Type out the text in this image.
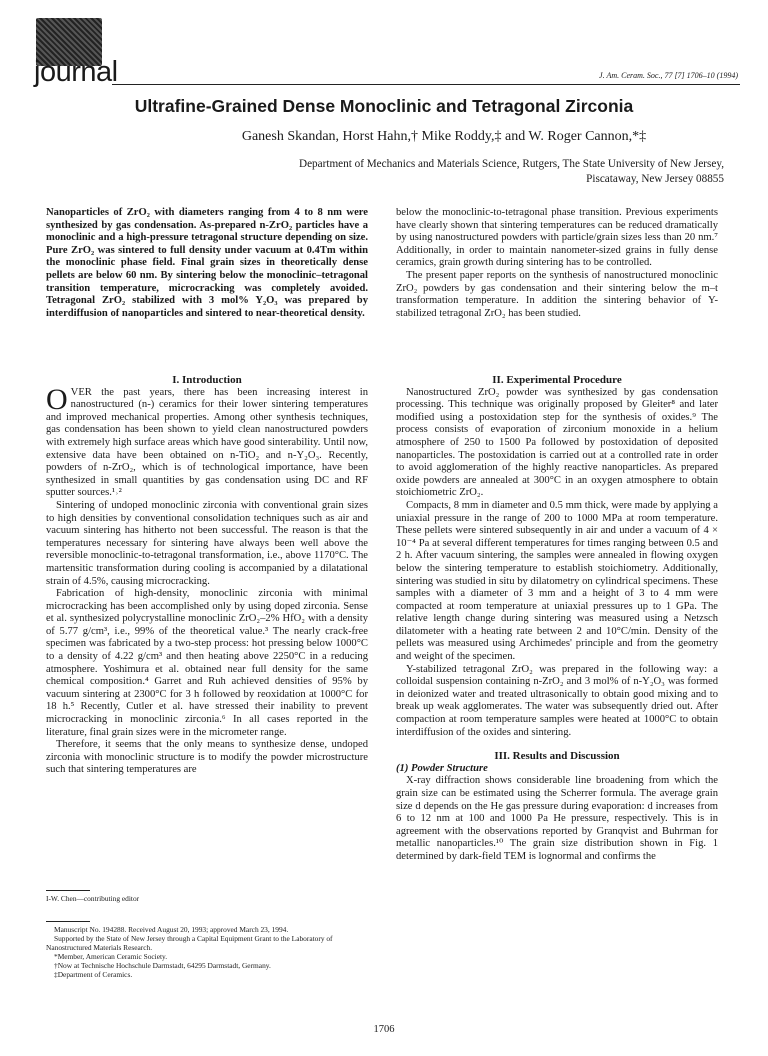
journal	J. Am. Ceram. Soc., 77 [7] 1706–10 (1994)
Ultrafine-Grained Dense Monoclinic and Tetragonal Zirconia
Ganesh Skandan, Horst Hahn,† Mike Roddy,‡ and W. Roger Cannon,*‡
Department of Mechanics and Materials Science, Rutgers, The State University of New Jersey,
Piscataway, New Jersey 08855

Nanoparticles of ZrO₂ with diameters ranging from 4 to 8 nm were synthesized by gas condensation. As-prepared n-ZrO₂ particles have a monoclinic and a high-pressure tetragonal structure depending on size. Pure ZrO₂ was sintered to full density under vacuum at 0.4Tm within the monoclinic phase field. Final grain sizes in theoretically dense pellets are below 60 nm. By sintering below the monoclinic–tetragonal transition temperature, microcracking was completely avoided. Tetragonal ZrO₂ stabilized with 3 mol% Y₂O₃ was prepared by interdiffusion of nanoparticles and sintered to near-theoretical density.

below the monoclinic-to-tetragonal phase transition. Previous experiments have clearly shown that sintering temperatures can be reduced dramatically by using nanostructured powders with particle/grain sizes less than 20 nm.⁷ Additionally, in order to maintain nanometer-sized grains in fully dense ceramics, grain growth during sintering has to be controlled.

The present paper reports on the synthesis of nanostructured monoclinic ZrO₂ powders by gas condensation and their sintering below the m–t transformation temperature. In addition the sintering behavior of Y-stabilized tetragonal ZrO₂ has been studied.

I. Introduction

OVER the past years, there has been increasing interest in nanostructured (n-) ceramics for their lower sintering temperatures and improved mechanical properties. Among other synthesis techniques, gas condensation has been shown to yield clean nanostructured powders with extremely high surface areas which have good sinterability. Until now, extensive data have been obtained on n-TiO₂ and n-Y₂O₃. Recently, powders of n-ZrO₂, which is of technological importance, have been synthesized in small quantities by gas condensation using DC and RF sputter sources.¹˒²

Sintering of undoped monoclinic zirconia with conventional grain sizes to high densities by conventional consolidation techniques such as air and vacuum sintering has hitherto not been successful. The reason is that the temperatures necessary for sintering have always been well above the reversible monoclinic-to-tetragonal transformation, i.e., above 1170°C. The martensitic transformation during cooling is accompanied by a dilatational strain of 4.5%, causing microcracking.

Fabrication of high-density, monoclinic zirconia with minimal microcracking has been accomplished only by using doped zirconia. Sense et al. synthesized polycrystalline monoclinic ZrO₂–2% HfO₂ with a density of 5.77 g/cm³, i.e., 99% of the theoretical value.³ The nearly crack-free specimen was fabricated by a two-step process: hot pressing below 1000°C to a density of 4.22 g/cm³ and then heating above 2250°C in a reducing atmosphere. Yoshimura et al. obtained near full density for the same chemical composition.⁴ Garret and Ruh achieved densities of 95% by vacuum sintering at 2300°C for 3 h followed by reoxidation at 1000°C for 18 h.⁵ Recently, Cutler et al. have stressed their inability to prevent microcracking in monoclinic zirconia.⁶ In all cases reported in the literature, final grain sizes were in the micrometer range.

Therefore, it seems that the only means to synthesize dense, undoped zirconia with monoclinic structure is to modify the powder microstructure such that sintering temperatures are

II. Experimental Procedure

Nanostructured ZrO₂ powder was synthesized by gas condensation processing. This technique was originally proposed by Gleiter⁸ and later modified using a postoxidation step for the synthesis of oxides.⁹ The process consists of evaporation of zirconium monoxide in a helium atmosphere of 250 to 1500 Pa followed by postoxidation of deposited nanoparticles. The postoxidation is carried out at a controlled rate in order to avoid agglomeration of the highly reactive nanoparticles. As prepared oxide powders are annealed at 300°C in an oxygen atmosphere to obtain stoichiometric ZrO₂.

Compacts, 8 mm in diameter and 0.5 mm thick, were made by applying a uniaxial pressure in the range of 200 to 1000 MPa at room temperature. These pellets were sintered subsequently in air and under a vacuum of 4 × 10⁻⁴ Pa at several different temperatures for times ranging between 0.5 and 2 h. After vacuum sintering, the samples were annealed in flowing oxygen below the sintering temperature to establish stoichiometry. Additionally, sintering was studied in situ by dilatometry on cylindrical specimens. These samples with a diameter of 3 mm and a height of 3 to 4 mm were compacted at room temperature at uniaxial pressures up to 1 GPa. The relative length change during sintering was measured using a Netzsch dilatometer with a heating rate between 2 and 10°C/min. Density of the pellets was measured using Archimedes' principle and from the geometry and weight of the specimen.

Y-stabilized tetragonal ZrO₂ was prepared in the following way: a colloidal suspension containing n-ZrO₂ and 3 mol% of n-Y₂O₃ was formed in deionized water and treated ultrasonically to obtain good mixing and to break up weak agglomerates. The water was subsequently dried out. After compaction at room temperature samples were heated at 1000°C to obtain interdiffusion of the oxides and sintering.

III. Results and Discussion

(1) Powder Structure

X-ray diffraction shows considerable line broadening from which the grain size can be estimated using the Scherrer formula. The average grain size d depends on the He gas pressure during evaporation: d increases from 6 to 12 nm at 100 and 1000 Pa He pressure, respectively. This is in agreement with the observations reported by Granqvist and Buhrman for metallic nanoparticles.¹⁰ The grain size distribution shown in Fig. 1 determined by dark-field TEM is lognormal and confirms the

I-W. Chen—contributing editor

Manuscript No. 194288. Received August 20, 1993; approved March 23, 1994.

Supported by the State of New Jersey through a Capital Equipment Grant to the Laboratory of Nanostructured Materials Research.

*Member, American Ceramic Society.

†Now at Technische Hochschule Darmstadt, 64295 Darmstadt, Germany.

‡Department of Ceramics.

1706
